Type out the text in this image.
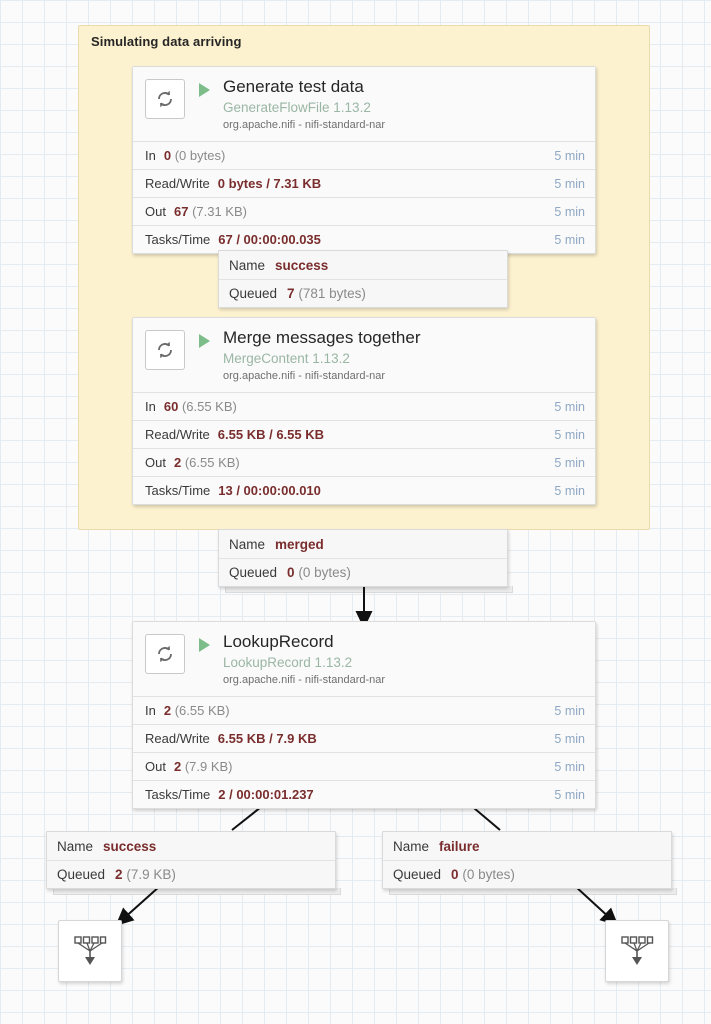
Simulating data arriving
Generate test data
GenerateFlowFile 1.13.2
org.apache.nifi - nifi-standard-nar
In 0 (0 bytes)	5 min
Read/Write 0 bytes / 7.31 KB	5 min
Out 67 (7.31 KB)	5 min
Tasks/Time 67 / 00:00:00.035	5 min
Name success
Queued 7 (781 bytes)
Merge messages together
MergeContent 1.13.2
org.apache.nifi - nifi-standard-nar
In 60 (6.55 KB)	5 min
Read/Write 6.55 KB / 6.55 KB	5 min
Out 2 (6.55 KB)	5 min
Tasks/Time 13 / 00:00:00.010	5 min
Name merged
Queued 0 (0 bytes)
LookupRecord
LookupRecord 1.13.2
org.apache.nifi - nifi-standard-nar
In 2 (6.55 KB)	5 min
Read/Write 6.55 KB / 7.9 KB	5 min
Out 2 (7.9 KB)	5 min
Tasks/Time 2 / 00:00:01.237	5 min
Name success
Queued 2 (7.9 KB)
Name failure
Queued 0 (0 bytes)
